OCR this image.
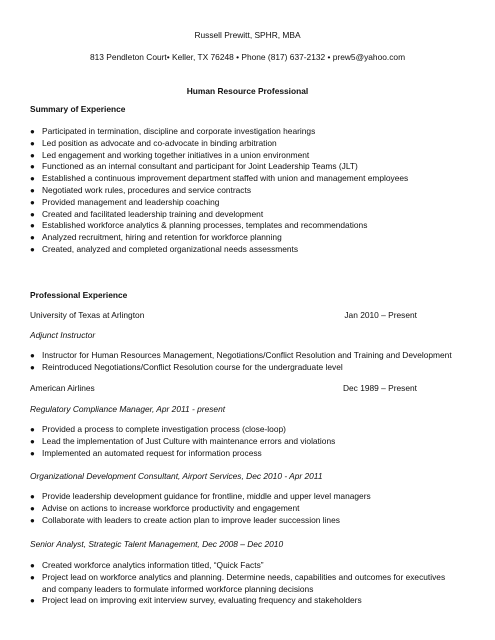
Russell Prewitt, SPHR, MBA
813 Pendleton Court• Keller, TX 76248 • Phone (817) 637-2132 • prew5@yahoo.com
Human Resource Professional
Summary of Experience
● Participated in termination, discipline and corporate investigation hearings
● Led position as advocate and co-advocate in binding arbitration
● Led engagement and working together initiatives in a union environment
● Functioned as an internal consultant and participant for Joint Leadership Teams (JLT)
● Established a continuous improvement department staffed with union and management employees
● Negotiated work rules, procedures and service contracts
● Provided management and leadership coaching
● Created and facilitated leadership training and development
● Established workforce analytics & planning processes, templates and recommendations
● Analyzed recruitment, hiring and retention for workforce planning
● Created, analyzed and completed organizational needs assessments
Professional Experience
University of Texas at Arlington	Jan 2010 – Present
Adjunct Instructor
● Instructor for Human Resources Management, Negotiations/Conflict Resolution and Training and Development
● Reintroduced Negotiations/Conflict Resolution course for the undergraduate level
American Airlines	Dec 1989 – Present
Regulatory Compliance Manager, Apr 2011 - present
● Provided a process to complete investigation process (close-loop)
● Lead the implementation of Just Culture with maintenance errors and violations
● Implemented an automated request for information process
Organizational Development Consultant, Airport Services, Dec 2010 - Apr 2011
● Provide leadership development guidance for frontline, middle and upper level managers
● Advise on actions to increase workforce productivity and engagement
● Collaborate with leaders to create action plan to improve leader succession lines
Senior Analyst, Strategic Talent Management, Dec 2008 – Dec 2010
● Created workforce analytics information titled, “Quick Facts”
● Project lead on workforce analytics and planning. Determine needs, capabilities and outcomes for executives and company leaders to formulate informed workforce planning decisions
● Project lead on improving exit interview survey, evaluating frequency and stakeholders
